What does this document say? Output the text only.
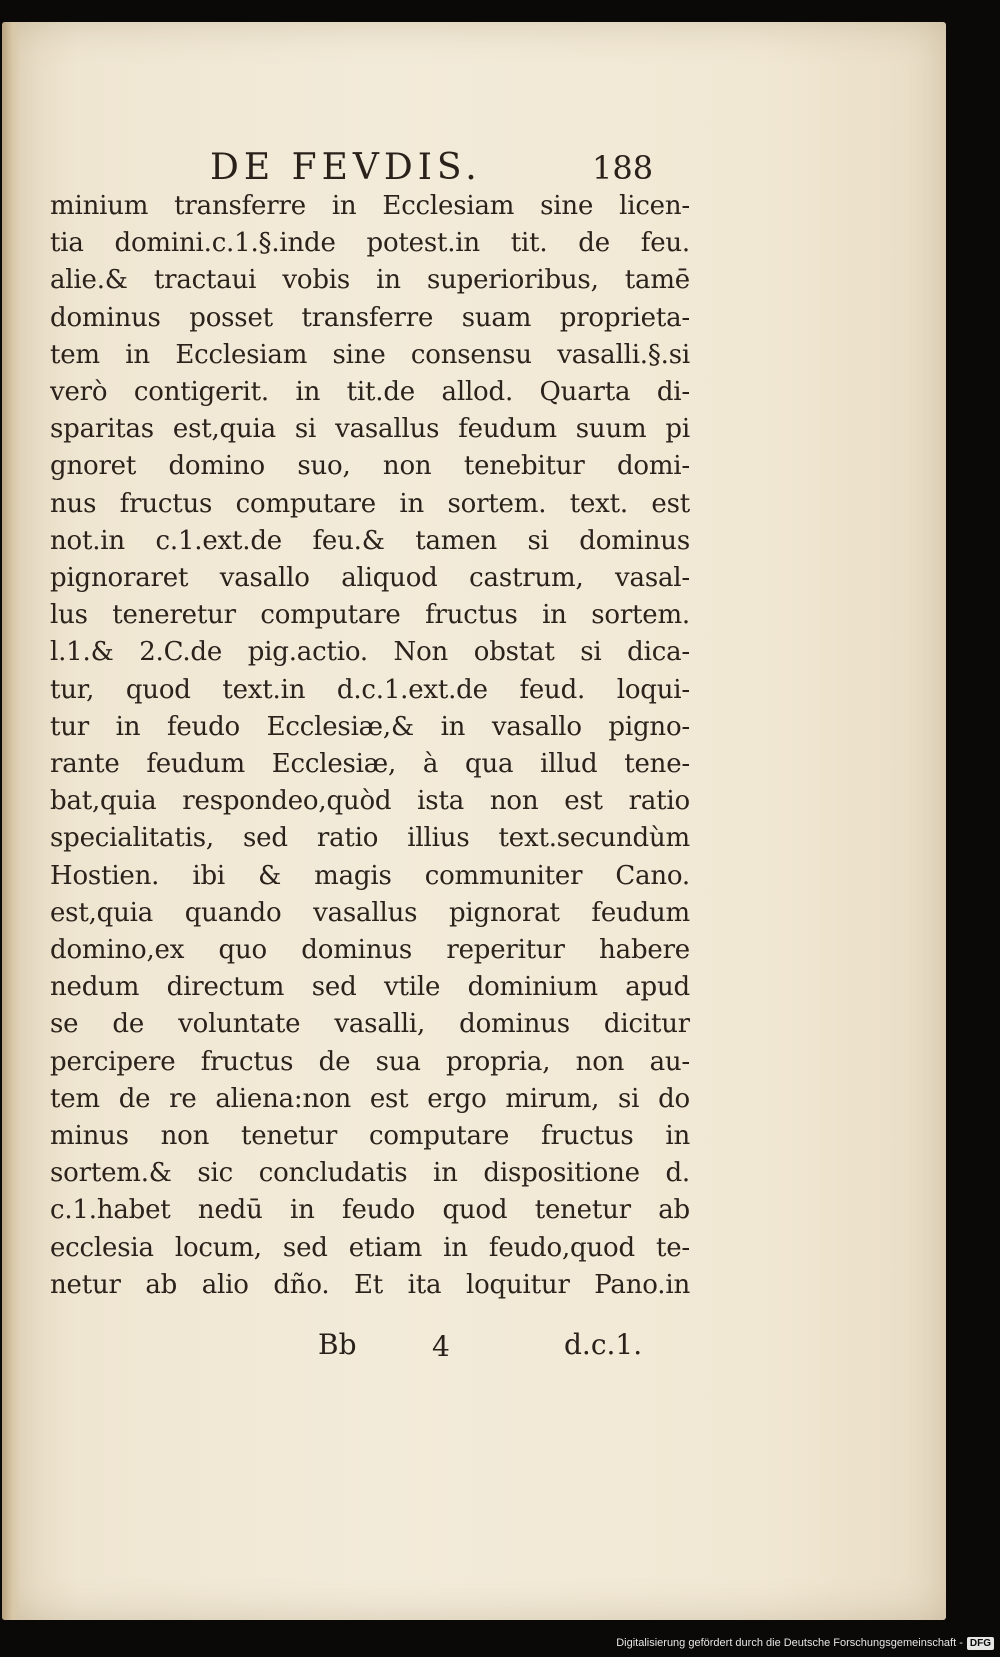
DE FEVDIS.	188
minium transferre in Ecclesiam sine licen-
tia domini.c.1.§.inde potest.in tit. de feu.
alie.& tractaui vobis in superioribus, tamē
dominus posset transferre suam proprieta-
tem in Ecclesiam sine consensu vasalli.§.si
verò contigerit. in tit.de allod. Quarta di-
sparitas est,quia si vasallus feudum suum pi
gnoret domino suo, non tenebitur domi-
nus fructus computare in sortem. text. est
not.in c.1.ext.de feu.& tamen si dominus
pignoraret vasallo aliquod castrum, vasal-
lus teneretur computare fructus in sortem.
l.1.& 2.C.de pig.actio. Non obstat si dica-
tur, quod text.in d.c.1.ext.de feud. loqui-
tur in feudo Ecclesiæ,& in vasallo pigno-
rante feudum Ecclesiæ, à qua illud tene-
bat,quia respondeo,quòd ista non est ratio
specialitatis, sed ratio illius text.secundùm
Hostien. ibi & magis communiter Cano.
est,quia quando vasallus pignorat feudum
domino,ex quo dominus reperitur habere
nedum directum sed vtile dominium apud
se de voluntate vasalli, dominus dicitur
percipere fructus de sua propria, non au-
tem de re aliena:non est ergo mirum, si do
minus non tenetur computare fructus in
sortem.& sic concludatis in dispositione d.
c.1.habet nedū in feudo quod tenetur ab
ecclesia locum, sed etiam in feudo,quod te-
netur ab alio dño. Et ita loquitur Pano.in
Bb	4	d.c.1.
Digitalisierung gefördert durch die Deutsche Forschungsgemeinschaft - DFG
